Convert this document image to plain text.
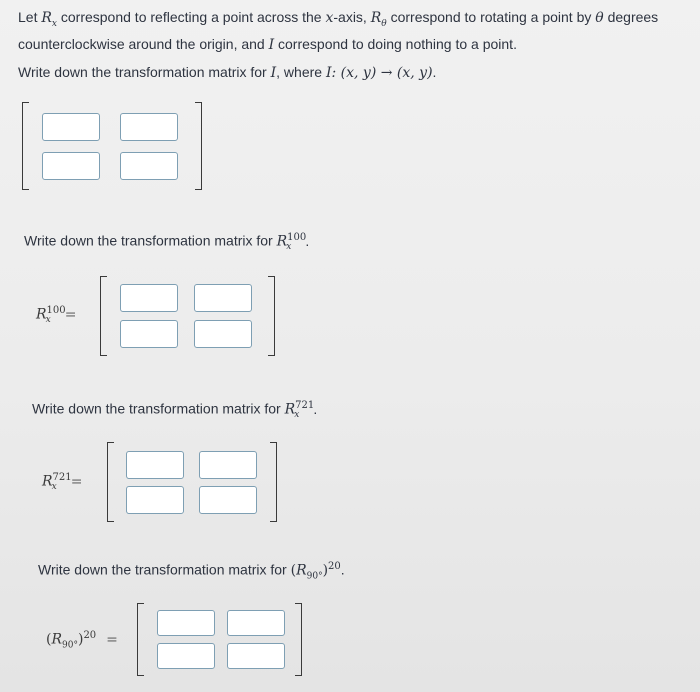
Let $R_x$ correspond to reflecting a point across the x-axis, $R_\theta$ correspond to rotating a point by θ degrees counterclockwise around the origin, and I correspond to doing nothing to a point.
Write down the transformation matrix for I, where I: (x, y) → (x, y).
Write down the transformation matrix for $R^{100}_x$ .
$R^{100}_x$ =
Write down the transformation matrix for $R^{721}_x$ .
$R^{721}_x$ =
Write down the transformation matrix for $(R_{90^\circ})^{20}$.
$(R_{90^\circ})^{20}$ =
